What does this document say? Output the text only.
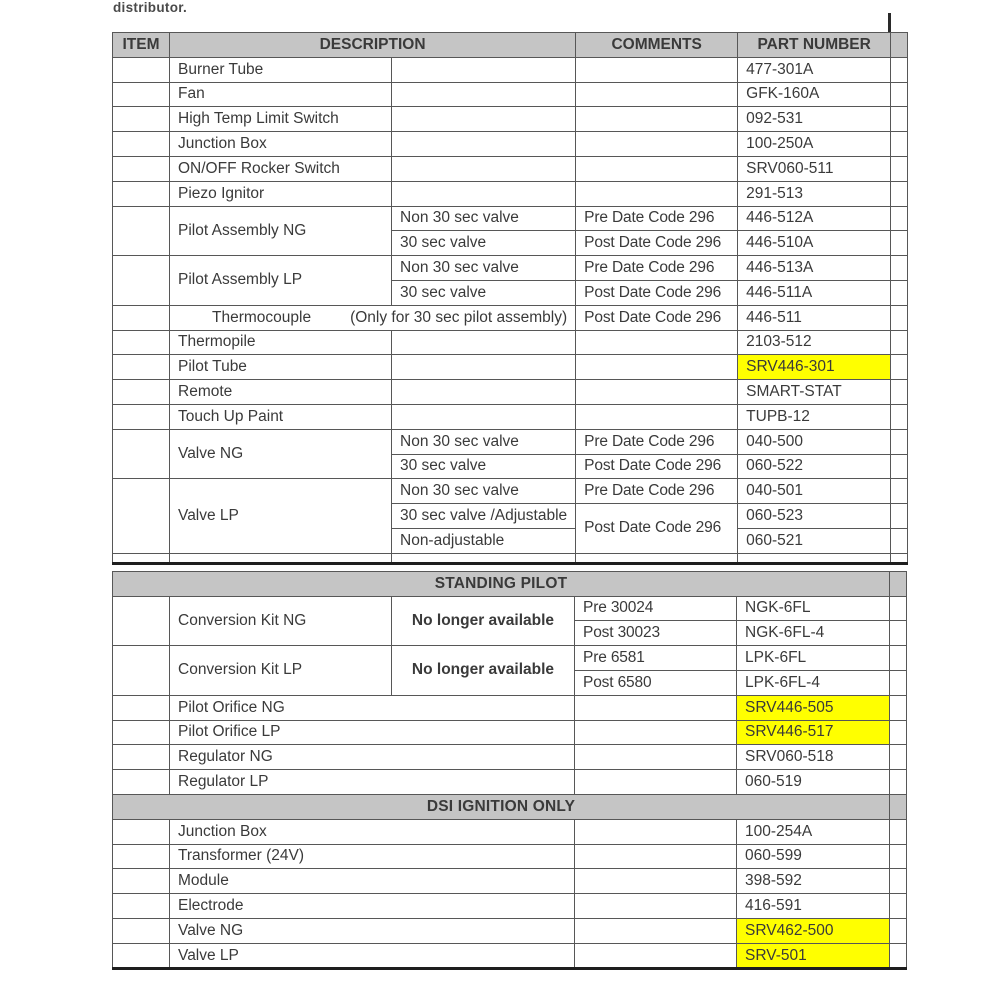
distributor.
ITEM	DESCRIPTION		COMMENTS	PART NUMBER	
	Burner Tube			477-301A	
	Fan			GFK-160A	
	High Temp Limit Switch			092-531	
	Junction Box			100-250A	
	ON/OFF Rocker Switch			SRV060-511	
	Piezo Ignitor			291-513	
	Pilot Assembly NG	Non 30 sec valve	Pre Date Code 296	446-512A	
		30 sec valve	Post Date Code 296	446-510A	
	Pilot Assembly LP	Non 30 sec valve	Pre Date Code 296	446-513A	
		30 sec valve	Post Date Code 296	446-511A	

	Thermocouple (Only for 30 sec pilot assembly)		Post Date Code 296	446-511	
	Thermopile			2103-512	
	Pilot Tube			SRV446-301	
	Remote			SMART-STAT	
	Touch Up Paint			TUPB-12	
	Valve NG	Non 30 sec valve	Pre Date Code 296	040-500	
		30 sec valve	Post Date Code 296	060-522	
	Valve LP	Non 30 sec valve	Pre Date Code 296	040-501	
		30 sec valve /Adjustable	Post Date Code 296	060-523	
		Non-adjustable		060-521	

STANDING PILOT					
	Conversion Kit NG	No longer available	Pre 30024	NGK-6FL	
			Post 30023	NGK-6FL-4	
	Conversion Kit LP	No longer available	Pre 6581	LPK-6FL	
			Post 6580	LPK-6FL-4	
	Pilot Orifice NG			SRV446-505	
	Pilot Orifice LP			SRV446-517	
	Regulator NG			SRV060-518	
	Regulator LP			060-519	
DSI IGNITION ONLY					
	Junction Box			100-254A	
	Transformer (24V)			060-599	
	Module			398-592	
	Electrode			416-591	
	Valve NG			SRV462-500	
	Valve LP			SRV-501	
